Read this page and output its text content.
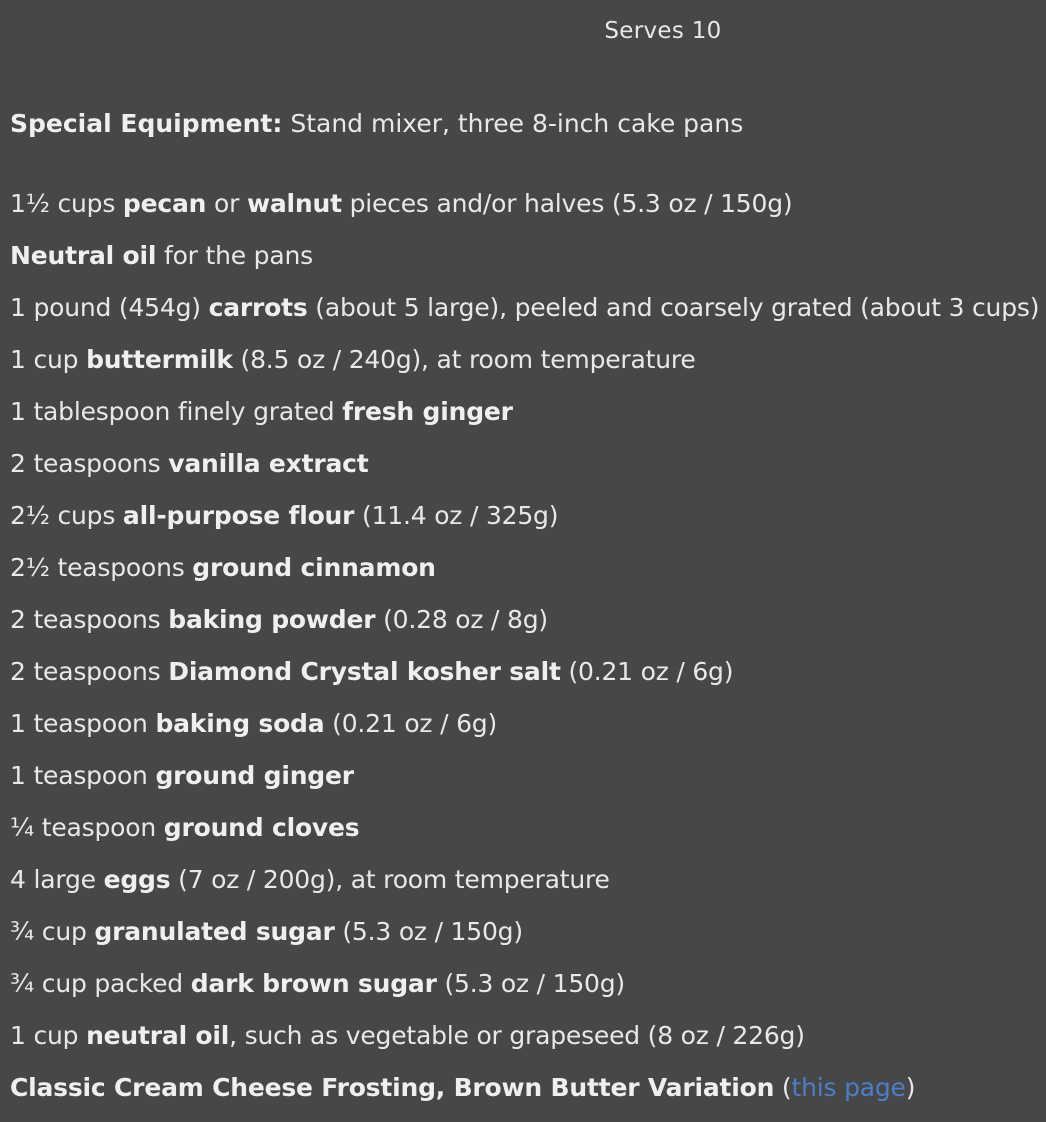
Serves 10
Special Equipment: Stand mixer, three 8-inch cake pans
1½ cups pecan or walnut pieces and/or halves (5.3 oz / 150g)
Neutral oil for the pans
1 pound (454g) carrots (about 5 large), peeled and coarsely grated (about 3 cups)
1 cup buttermilk (8.5 oz / 240g), at room temperature
1 tablespoon finely grated fresh ginger
2 teaspoons vanilla extract
2½ cups all-purpose flour (11.4 oz / 325g)
2½ teaspoons ground cinnamon
2 teaspoons baking powder (0.28 oz / 8g)
2 teaspoons Diamond Crystal kosher salt (0.21 oz / 6g)
1 teaspoon baking soda (0.21 oz / 6g)
1 teaspoon ground ginger
¼ teaspoon ground cloves
4 large eggs (7 oz / 200g), at room temperature
¾ cup granulated sugar (5.3 oz / 150g)
¾ cup packed dark brown sugar (5.3 oz / 150g)
1 cup neutral oil, such as vegetable or grapeseed (8 oz / 226g)
Classic Cream Cheese Frosting, Brown Butter Variation (this page)
